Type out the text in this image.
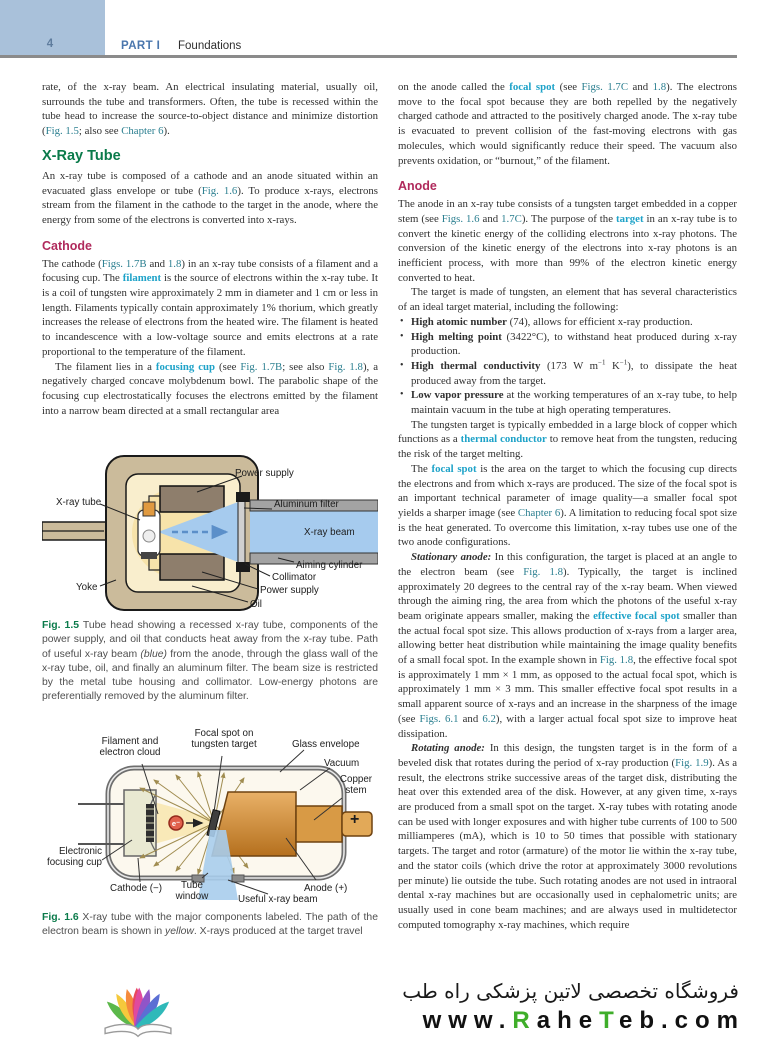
4	PART I Foundations

rate, of the x-ray beam. An electrical insulating material, usually oil, surrounds the tube and transformers. Often, the tube is recessed within the tube head to increase the source-to-object distance and minimize distortion (Fig. 1.5; also see Chapter 6).

X-Ray Tube

An x-ray tube is composed of a cathode and an anode situated within an evacuated glass envelope or tube (Fig. 1.6). To produce x-rays, electrons stream from the filament in the cathode to the target in the anode, where the energy from some of the electrons is converted into x-rays.

Cathode

The cathode (Figs. 1.7B and 1.8) in an x-ray tube consists of a filament and a focusing cup. The filament is the source of electrons within the x-ray tube. It is a coil of tungsten wire approximately 2 mm in diameter and 1 cm or less in length. Filaments typically contain approximately 1% thorium, which greatly increases the release of electrons from the heated wire. The filament is heated to incandescence with a low-voltage source and emits electrons at a rate proportional to the temperature of the filament.

The filament lies in a focusing cup (see Fig. 1.7B; see also Fig. 1.8), a negatively charged concave molybdenum bowl. The parabolic shape of the focusing cup electrostatically focuses the electrons emitted by the filament into a narrow beam directed at a small rectangular area

Power supply
X-ray tube	Aluminum filter
X-ray beam
Aiming cylinder
Collimator
Power supply
Oil
Yoke

Fig. 1.5 Tube head showing a recessed x-ray tube, components of the power supply, and oil that conducts heat away from the x-ray tube. Path of useful x-ray beam (blue) from the anode, through the glass wall of the x-ray tube, oil, and finally an aluminum filter. The beam size is restricted by the metal tube housing and collimator. Low-energy photons are preferentially removed by the aluminum filter.

Filament and electron cloud
Focal spot on tungsten target	Glass envelope
Vacuum
Copper stem
Electronic focusing cup
Cathode (−)	Tube window	Useful x-ray beam
Anode (+)
+
e⁻

Fig. 1.6 X-ray tube with the major components labeled. The path of the electron beam is shown in yellow. X-rays produced at the target travel

on the anode called the focal spot (see Figs. 1.7C and 1.8). The electrons move to the focal spot because they are both repelled by the negatively charged cathode and attracted to the positively charged anode. The x-ray tube is evacuated to prevent collision of the fast-moving electrons with gas molecules, which would significantly reduce their speed. The vacuum also prevents oxidation, or “burnout,” of the filament.

Anode

The anode in an x-ray tube consists of a tungsten target embedded in a copper stem (see Figs. 1.6 and 1.7C). The purpose of the target in an x-ray tube is to convert the kinetic energy of the colliding electrons into x-ray photons. The conversion of the kinetic energy of the electrons into x-ray photons is an inefficient process, with more than 99% of the electron kinetic energy converted to heat.

The target is made of tungsten, an element that has several characteristics of an ideal target material, including the following:

• High atomic number (74), allows for efficient x-ray production.
• High melting point (3422°C), to withstand heat produced during x-ray production.
• High thermal conductivity (173 W $m^{-1}$ $K^{-1}$), to dissipate the heat produced away from the target.
• Low vapor pressure at the working temperatures of an x-ray tube, to help maintain vacuum in the tube at high operating temperatures.

The tungsten target is typically embedded in a large block of copper which functions as a thermal conductor to remove heat from the tungsten, reducing the risk of the target melting.

The focal spot is the area on the target to which the focusing cup directs the electrons and from which x-rays are produced. The size of the focal spot is an important technical parameter of image quality—a smaller focal spot yields a sharper image (see Chapter 6). A limitation to reducing focal spot size is the heat generated. To overcome this limitation, x-ray tubes use one of the two anode configurations.

Stationary anode: In this configuration, the target is placed at an angle to the electron beam (see Fig. 1.8). Typically, the target is inclined approximately 20 degrees to the central ray of the x-ray beam. When viewed through the aiming ring, the area from which the photons of the useful x-ray beam originate appears smaller, making the effective focal spot smaller than the actual focal spot size. This allows production of x-rays from a larger area, allowing better heat distribution while maintaining the image quality benefits of a small focal spot. In the example shown in Fig. 1.8, the effective focal spot is approximately 1 mm × 1 mm, as opposed to the actual focal spot, which is approximately 1 mm × 3 mm. This smaller effective focal spot results in a small apparent source of x-rays and an increase in the sharpness of the image (see Figs. 6.1 and 6.2), with a larger actual focal spot size to improve heat dissipation.

Rotating anode: In this design, the tungsten target is in the form of a beveled disk that rotates during the period of x-ray production (Fig. 1.9). As a result, the electrons strike successive areas of the target disk, distributing the heat over this extended area of the disk. However, at any given time, x-rays are produced from a small spot on the target. X-ray tubes with rotating anode can be used with longer exposures and with higher tube currents of 100 to 500 milliamperes (mA), which is 10 to 50 times that possible with stationary targets. The target and rotor (armature) of the motor lie within the x-ray tube, and the stator coils (which drive the rotor at approximately 3000 revolutions per minute) lie outside the tube. Such rotating anodes are not used in intraoral dental x-ray machines but are occasionally used in cephalometric units; are usually used in cone beam machines; and are always used in multidetector computed tomography x-ray machines, which require

فروشگاه تخصصی لاتین پزشکی راه طب
www.RaheTeb.com
